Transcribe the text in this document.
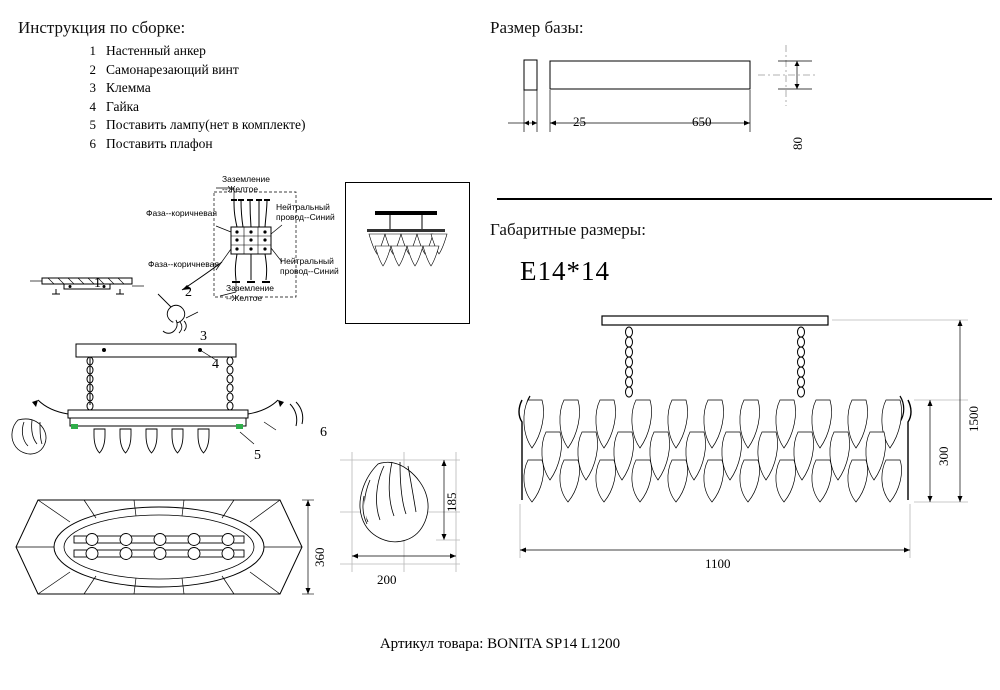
Инструкция по сборке:	Размер базы:
Габаритные размеры:
1 Настенный анкер
2 Самонарезающий винт
3 Клемма
4 Гайка
5 Поставить лампу(нет в комплекте)
6 Поставить плафон
25	650
80
E14*14
Заземление
--Желтое
Фаза--коричневая
Нейтральный
провод--Синий
Фаза--коричневая	Нейтральный
провод--Синий
Заземление
--Желтое
1
2
3
4
5
6
360
185
200
1500
300
1100
Артикул товара: BONITA SP14 L1200
